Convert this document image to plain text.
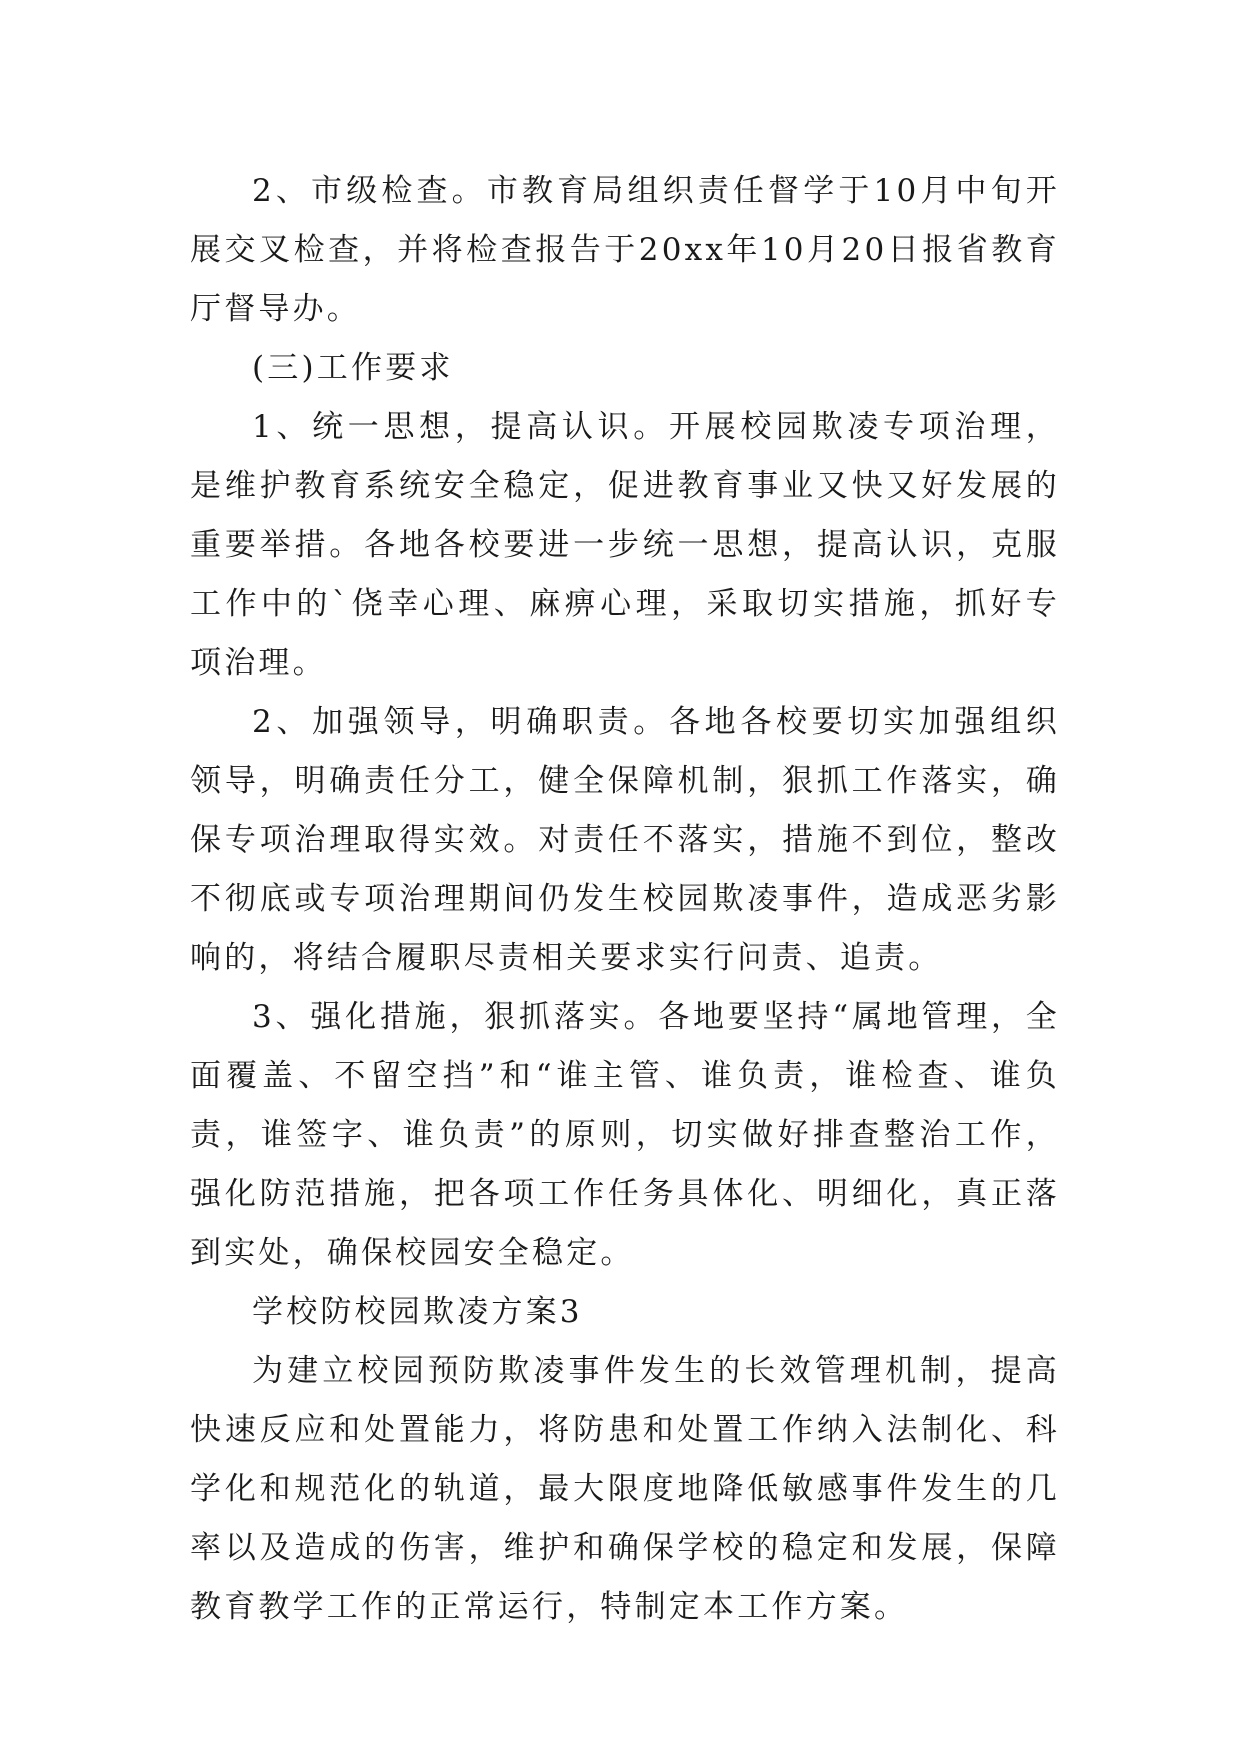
2、市级检查。市教育局组织责任督学于10月中旬开展交叉检查，并将检查报告于20xx年10月20日报省教育厅督导办。

(三)工作要求

1、统一思想，提高认识。开展校园欺凌专项治理，是维护教育系统安全稳定，促进教育事业又快又好发展的重要举措。各地各校要进一步统一思想，提高认识，克服工作中的`侥幸心理、麻痹心理，采取切实措施，抓好专项治理。

2、加强领导，明确职责。各地各校要切实加强组织领导，明确责任分工，健全保障机制，狠抓工作落实，确保专项治理取得实效。对责任不落实，措施不到位，整改不彻底或专项治理期间仍发生校园欺凌事件，造成恶劣影响的，将结合履职尽责相关要求实行问责、追责。

3、强化措施，狠抓落实。各地要坚持“属地管理，全面覆盖、不留空挡”和“谁主管、谁负责，谁检查、谁负责，谁签字、谁负责”的原则，切实做好排查整治工作，强化防范措施，把各项工作任务具体化、明细化，真正落到实处，确保校园安全稳定。

学校防校园欺凌方案3

为建立校园预防欺凌事件发生的长效管理机制，提高快速反应和处置能力，将防患和处置工作纳入法制化、科学化和规范化的轨道，最大限度地降低敏感事件发生的几率以及造成的伤害，维护和确保学校的稳定和发展，保障教育教学工作的正常运行，特制定本工作方案。
